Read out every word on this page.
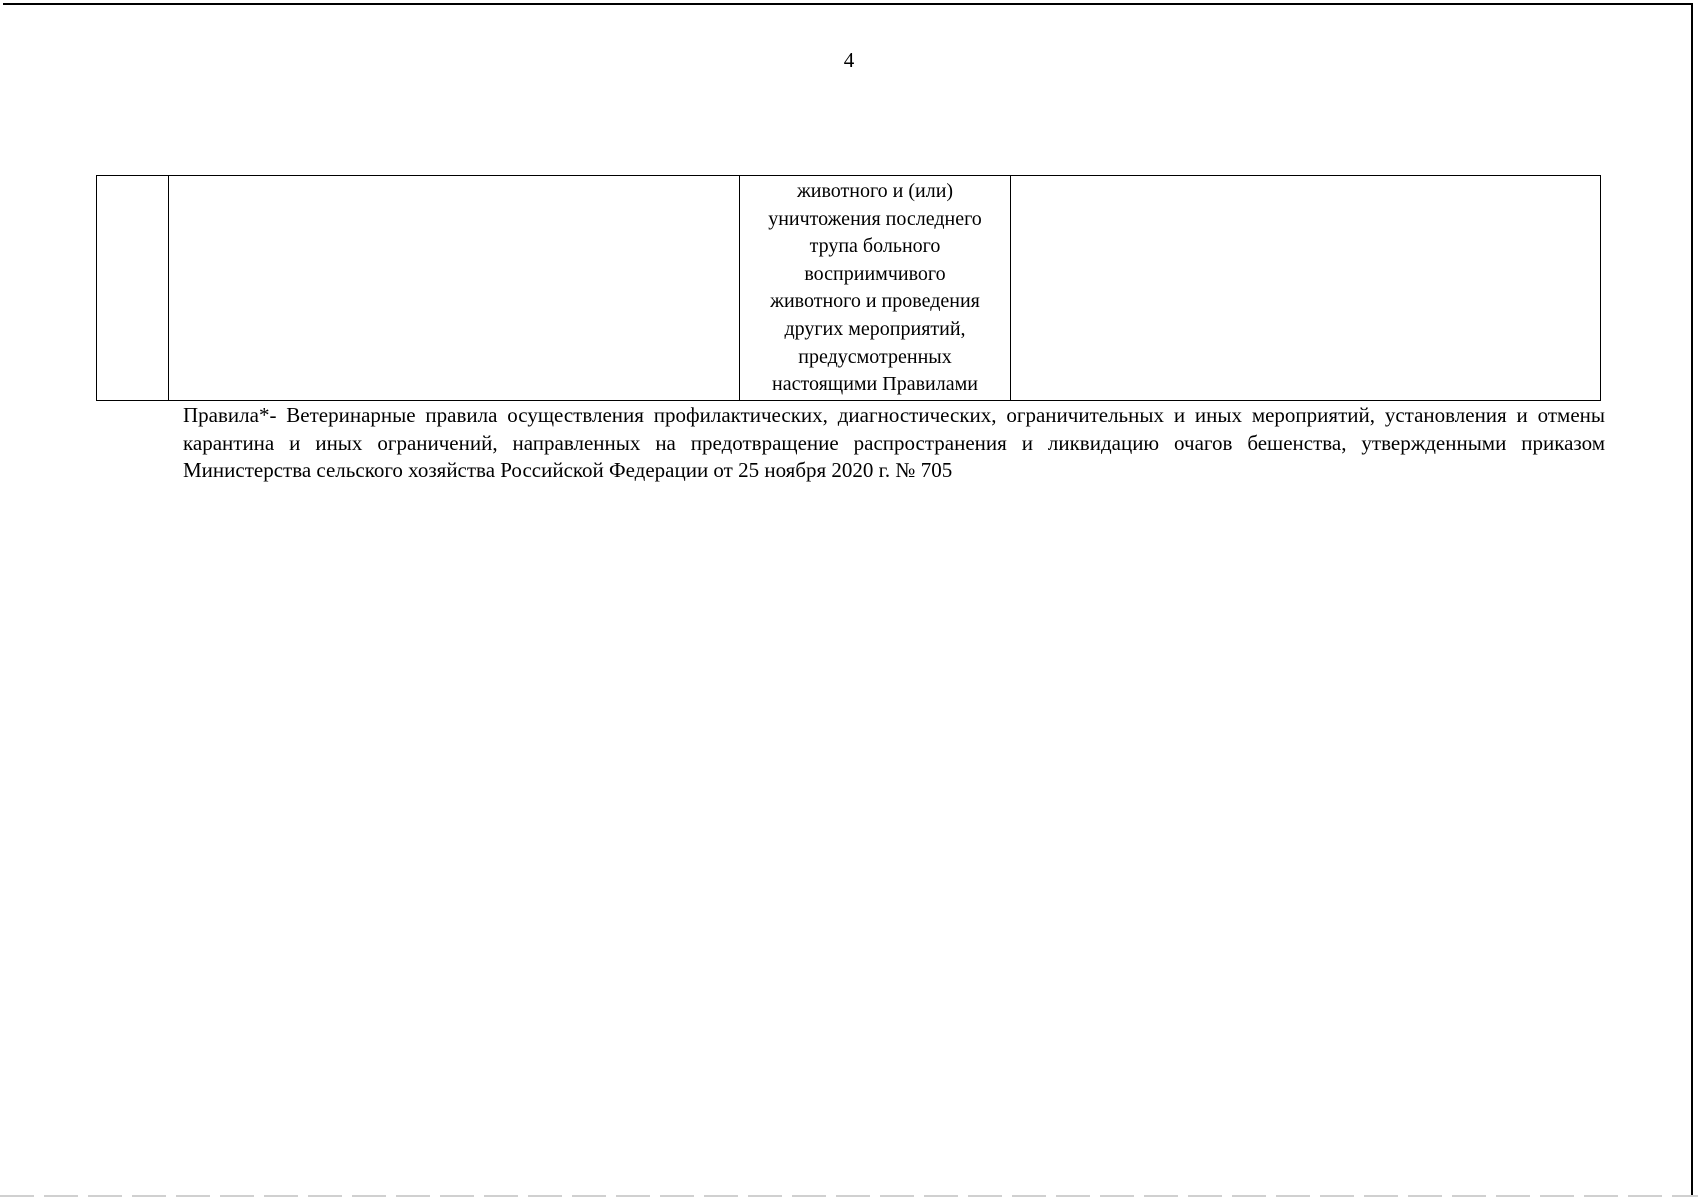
4

животного и (или)
уничтожения последнего
трупа больного
восприимчивого
животного и проведения
других мероприятий,
предусмотренных
настоящими Правилами

Правила*- Ветеринарные правила осуществления профилактических, диагностических, ограничительных и иных мероприятий, установления и отмены карантина и иных ограничений, направленных на предотвращение распространения и ликвидацию очагов бешенства, утвержденными приказом Министерства сельского хозяйства Российской Федерации от 25 ноября 2020 г. № 705
